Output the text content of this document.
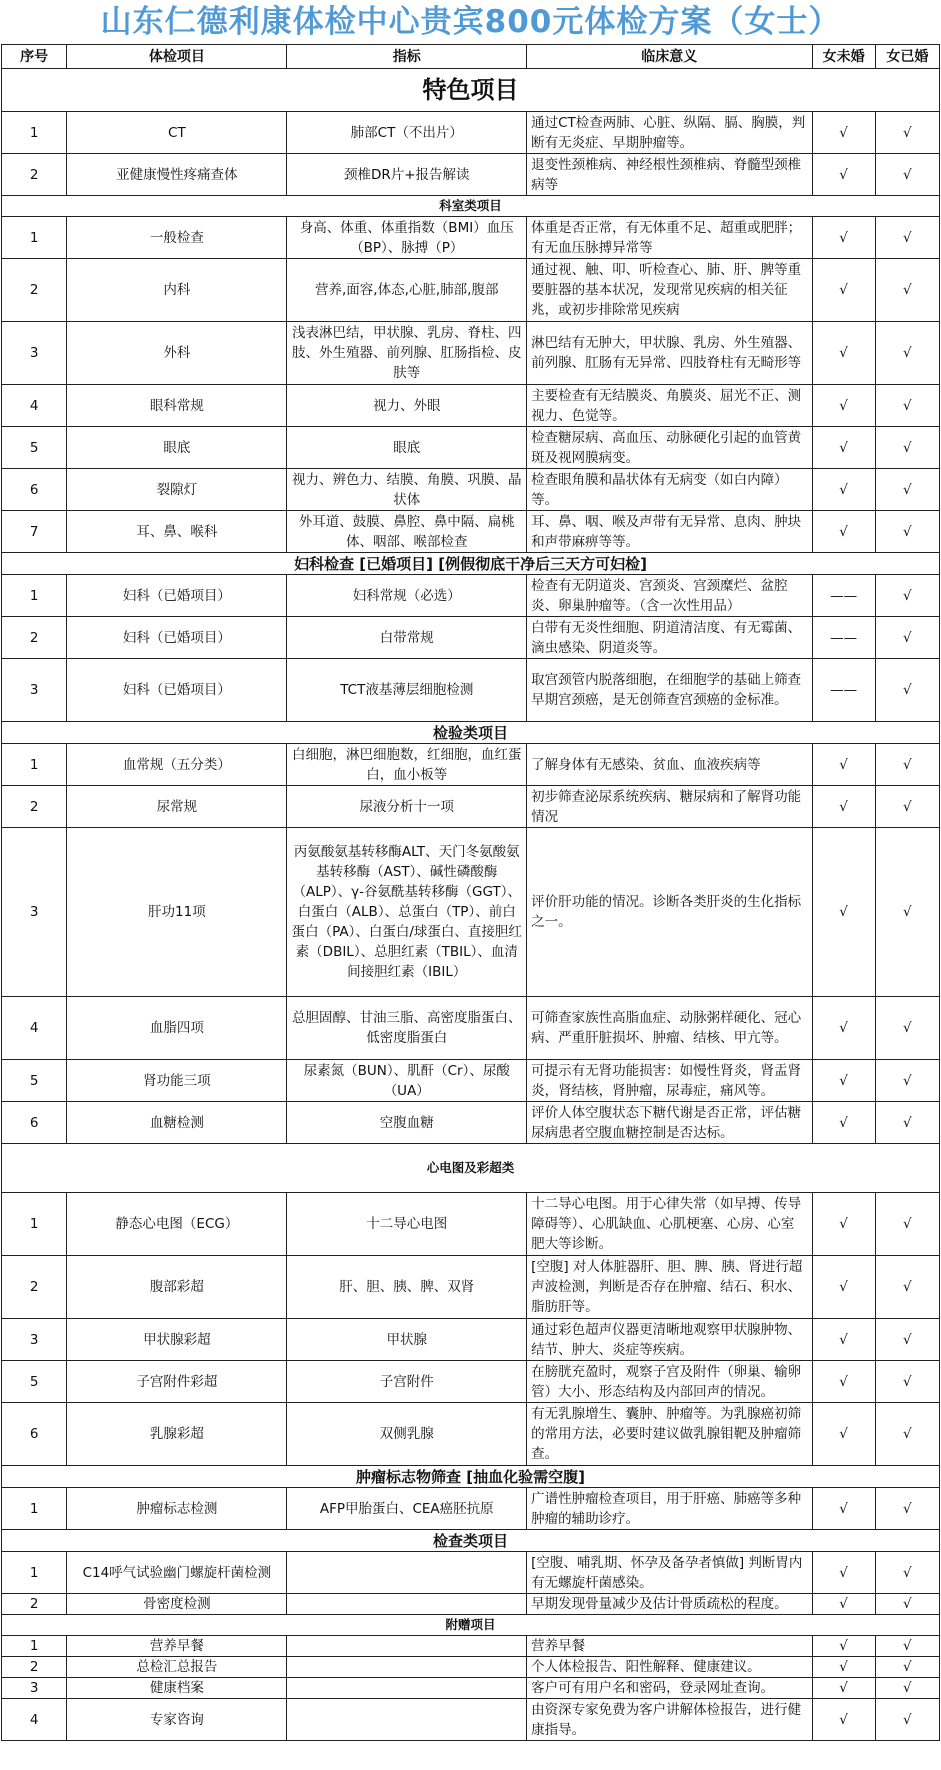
山东仁德利康体检中心贵宾800元体检方案（女士）
序号	体检项目	指标	临床意义	女未婚	女已婚
特色项目					
1	CT	肺部CT（不出片）	通过CT检查两肺、心脏、纵隔、膈、胸膜，判断有无炎症、早期肿瘤等。	√	√
2	亚健康慢性疼痛查体	颈椎DR片+报告解读	退变性颈椎病、神经根性颈椎病、脊髓型颈椎病等	√	√
科室类项目					
1	一般检查	身高、体重、体重指数（BMI）血压（BP）、脉搏（P）	体重是否正常，有无体重不足、超重或肥胖；有无血压脉搏异常等	√	√
2	内科	营养,面容,体态,心脏,肺部,腹部	通过视、触、叩、听检查心、肺、肝、脾等重要脏器的基本状况，发现常见疾病的相关征兆，或初步排除常见疾病	√	√
3	外科	浅表淋巴结，甲状腺、乳房、脊柱、四肢、外生殖器、前列腺、肛肠指检、皮肤等	淋巴结有无肿大，甲状腺、乳房、外生殖器、前列腺、肛肠有无异常、四肢脊柱有无畸形等	√	√
4	眼科常规	视力、外眼	主要检查有无结膜炎、角膜炎、屈光不正、测视力、色觉等。	√	√
5	眼底	眼底	检查糖尿病、高血压、动脉硬化引起的血管黄斑及视网膜病变。	√	√
6	裂隙灯	视力、辨色力、结膜、角膜、巩膜、晶状体	检查眼角膜和晶状体有无病变（如白内障）等。	√	√
7	耳、鼻、喉科	外耳道、鼓膜、鼻腔、鼻中隔、扁桃体、咽部、喉部检查	耳、鼻、咽、喉及声带有无异常、息肉、肿块和声带麻痹等等。	√	√
妇科检查 [已婚项目] [例假彻底干净后三天方可妇检]					
1	妇科（已婚项目）	妇科常规（必选）	检查有无阴道炎、宫颈炎、宫颈糜烂、盆腔炎、卵巢肿瘤等。（含一次性用品）	——	√
2	妇科（已婚项目）	白带常规	白带有无炎性细胞、阴道清洁度、有无霉菌、滴虫感染、阴道炎等。	——	√
3	妇科（已婚项目）	TCT液基薄层细胞检测	取宫颈管内脱落细胞，在细胞学的基础上筛查早期宫颈癌，是无创筛查宫颈癌的金标准。	——	√
检验类项目					
1	血常规（五分类）	白细胞，淋巴细胞数，红细胞，血红蛋白，血小板等	了解身体有无感染、贫血、血液疾病等	√	√
2	尿常规	尿液分析十一项	初步筛查泌尿系统疾病、糖尿病和了解肾功能情况	√	√
3	肝功11项	丙氨酸氨基转移酶ALT、天门冬氨酸氨基转移酶（AST）、碱性磷酸酶（ALP）、γ-谷氨酰基转移酶（GGT）、白蛋白（ALB）、总蛋白（TP）、前白蛋白（PA）、白蛋白/球蛋白、直接胆红素（DBIL）、总胆红素（TBIL）、血清间接胆红素（IBIL）	评价肝功能的情况。诊断各类肝炎的生化指标之一。	√	√
4	血脂四项	总胆固醇、甘油三脂、高密度脂蛋白、低密度脂蛋白	可筛查家族性高脂血症、动脉粥样硬化、冠心病、严重肝脏损坏、肿瘤、结核、甲亢等。	√	√
5	肾功能三项	尿素氮（BUN）、肌酐（Cr）、尿酸（UA）	可提示有无肾功能损害：如慢性肾炎，肾盂肾炎，肾结核，肾肿瘤，尿毒症，痛风等。	√	√
6	血糖检测	空腹血糖	评价人体空腹状态下糖代谢是否正常，评估糖尿病患者空腹血糖控制是否达标。	√	√
心电图及彩超类					
1	静态心电图（ECG）	十二导心电图	十二导心电图。用于心律失常（如早搏、传导障碍等）、心肌缺血、心肌梗塞、心房、心室肥大等诊断。	√	√
2	腹部彩超	肝、胆、胰、脾、双肾	[空腹] 对人体脏器肝、胆、脾、胰、肾进行超声波检测，判断是否存在肿瘤、结石、积水、脂肪肝等。	√	√
3	甲状腺彩超	甲状腺	通过彩色超声仪器更清晰地观察甲状腺肿物、结节、肿大、炎症等疾病。	√	√
5	子宫附件彩超	子宫附件	在膀胱充盈时，观察子宫及附件（卵巢、输卵管）大小、形态结构及内部回声的情况。	√	√
6	乳腺彩超	双侧乳腺	有无乳腺增生、囊肿、肿瘤等。为乳腺癌初筛的常用方法，必要时建议做乳腺钼靶及肿瘤筛查。	√	√
肿瘤标志物筛查 [抽血化验需空腹]					
1	肿瘤标志检测	AFP甲胎蛋白、CEA癌胚抗原	广谱性肿瘤检查项目，用于肝癌、肺癌等多种肿瘤的辅助诊疗。	√	√
检查类项目					
1	C14呼气试验幽门螺旋杆菌检测		[空腹、哺乳期、怀孕及备孕者慎做] 判断胃内有无螺旋杆菌感染。	√	√
2	骨密度检测		早期发现骨量减少及估计骨质疏松的程度。	√	√
附赠项目					
1	营养早餐		营养早餐	√	√
2	总检汇总报告		个人体检报告、阳性解释、健康建议。	√	√
3	健康档案		客户可有用户名和密码，登录网址查询。	√	√
4	专家咨询		由资深专家免费为客户讲解体检报告，进行健康指导。	√	√
